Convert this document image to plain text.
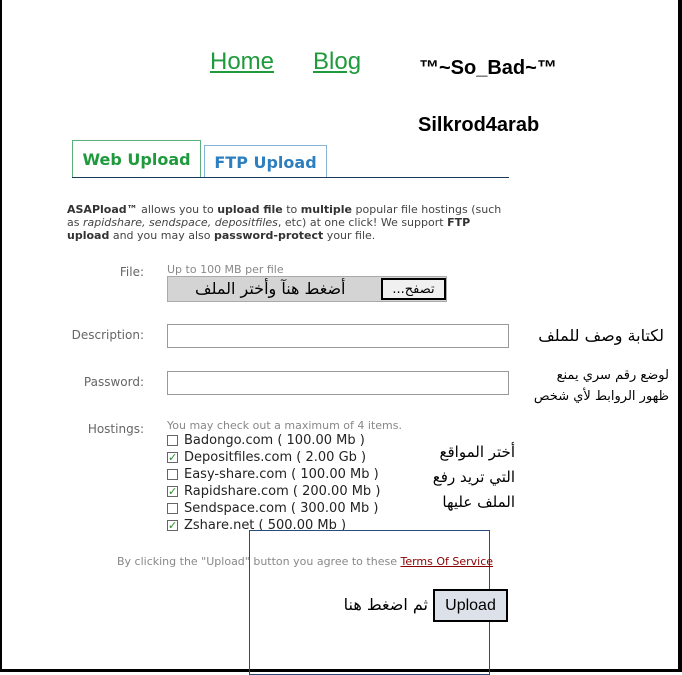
Home Blog	™~So_Bad~™
Silkrod4arab
Web Upload	FTP Upload
ASAPload™ allows you to upload file to multiple popular file hostings (such as rapidshare, sendspace, depositfiles, etc) at one click! We support FTP upload and you may also password-protect your file.
File: Up to 100 MB per file
أضغط هنآ وأختر الملف	...تصفح
Description:	لكتابة وصف للملف
Password:	لوضع رقم سري يمنع
ظهور الروابط لأي شخص
Hostings: You may check out a maximum of 4 items.
Badongo.com ( 100.00 Mb )
✓ Depositfiles.com ( 2.00 Gb )
Easy-share.com ( 100.00 Mb )
✓ Rapidshare.com ( 200.00 Mb )
Sendspace.com ( 300.00 Mb )
✓ Zshare.net ( 500.00 Mb )
أختر المواقع
التي تريد رفع
الملف عليها
By clicking the "Upload" button you agree to these Terms Of Service
ثم اضغط هنا	Upload
